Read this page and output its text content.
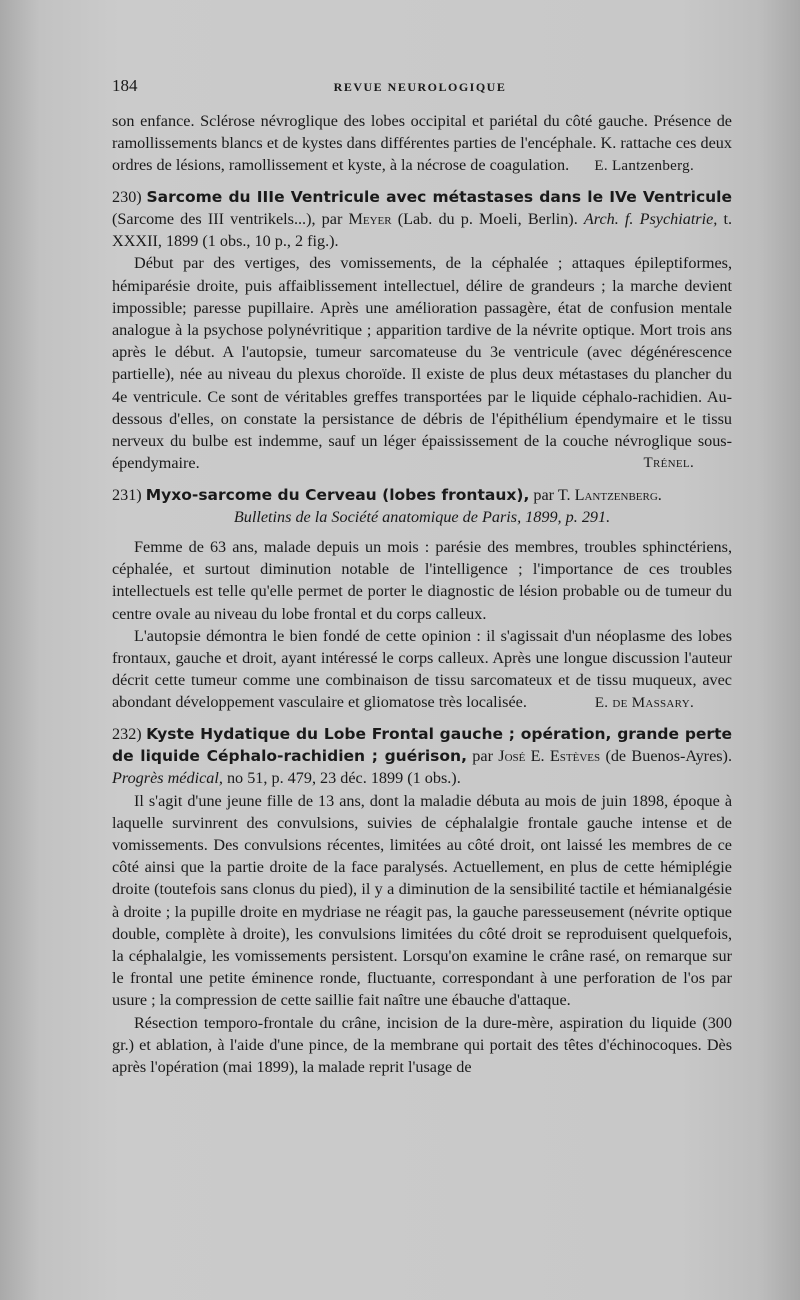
184	REVUE NEUROLOGIQUE

son enfance. Sclérose névroglique des lobes occipital et pariétal du côté gauche. Présence de ramollissements blancs et de kystes dans différentes parties de l'encéphale. K. rattache ces deux ordres de lésions, ramollissement et kyste, à la nécrose de coagulation.	E. Lantzenberg.

230) Sarcome du IIIe Ventricule avec métastases dans le IVe Ventricule (Sarcome des III ventrikels...), par Meyer (Lab. du p. Moeli, Berlin). Arch. f. Psychiatrie, t. XXXII, 1899 (1 obs., 10 p., 2 fig.).

Début par des vertiges, des vomissements, de la céphalée ; attaques épileptiformes, hémiparésie droite, puis affaiblissement intellectuel, délire de grandeurs ; la marche devient impossible; paresse pupillaire. Après une amélioration passagère, état de confusion mentale analogue à la psychose polynévritique ; apparition tardive de la névrite optique. Mort trois ans après le début. A l'autopsie, tumeur sarcomateuse du 3e ventricule (avec dégénérescence partielle), née au niveau du plexus choroïde. Il existe de plus deux métastases du plancher du 4e ventricule. Ce sont de véritables greffes transportées par le liquide céphalo-rachidien. Au-dessous d'elles, on constate la persistance de débris de l'épithélium épendymaire et le tissu nerveux du bulbe est indemme, sauf un léger épaississement de la couche névroglique sous-épendymaire.	Trénel.

231) Myxo-sarcome du Cerveau (lobes frontaux), par T. Lantzenberg.

Bulletins de la Société anatomique de Paris, 1899, p. 291.

Femme de 63 ans, malade depuis un mois : parésie des membres, troubles sphinctériens, céphalée, et surtout diminution notable de l'intelligence ; l'importance de ces troubles intellectuels est telle qu'elle permet de porter le diagnostic de lésion probable ou de tumeur du centre ovale au niveau du lobe frontal et du corps calleux.

L'autopsie démontra le bien fondé de cette opinion : il s'agissait d'un néoplasme des lobes frontaux, gauche et droit, ayant intéressé le corps calleux. Après une longue discussion l'auteur décrit cette tumeur comme une combinaison de tissu sarcomateux et de tissu muqueux, avec abondant développement vasculaire et gliomatose très localisée.	E. de Massary.

232) Kyste Hydatique du Lobe Frontal gauche ; opération, grande perte de liquide Céphalo-rachidien ; guérison, par José E. Estèves (de Buenos-Ayres). Progrès médical, no 51, p. 479, 23 déc. 1899 (1 obs.).

Il s'agit d'une jeune fille de 13 ans, dont la maladie débuta au mois de juin 1898, époque à laquelle survinrent des convulsions, suivies de céphalalgie frontale gauche intense et de vomissements. Des convulsions récentes, limitées au côté droit, ont laissé les membres de ce côté ainsi que la partie droite de la face paralysés. Actuellement, en plus de cette hémiplégie droite (toutefois sans clonus du pied), il y a diminution de la sensibilité tactile et hémianalgésie à droite ; la pupille droite en mydriase ne réagit pas, la gauche paresseusement (névrite optique double, complète à droite), les convulsions limitées du côté droit se reproduisent quelquefois, la céphalalgie, les vomissements persistent. Lorsqu'on examine le crâne rasé, on remarque sur le frontal une petite éminence ronde, fluctuante, correspondant à une perforation de l'os par usure ; la compression de cette saillie fait naître une ébauche d'attaque.

Résection temporo-frontale du crâne, incision de la dure-mère, aspiration du liquide (300 gr.) et ablation, à l'aide d'une pince, de la membrane qui portait des têtes d'échinocoques. Dès après l'opération (mai 1899), la malade reprit l'usage de
